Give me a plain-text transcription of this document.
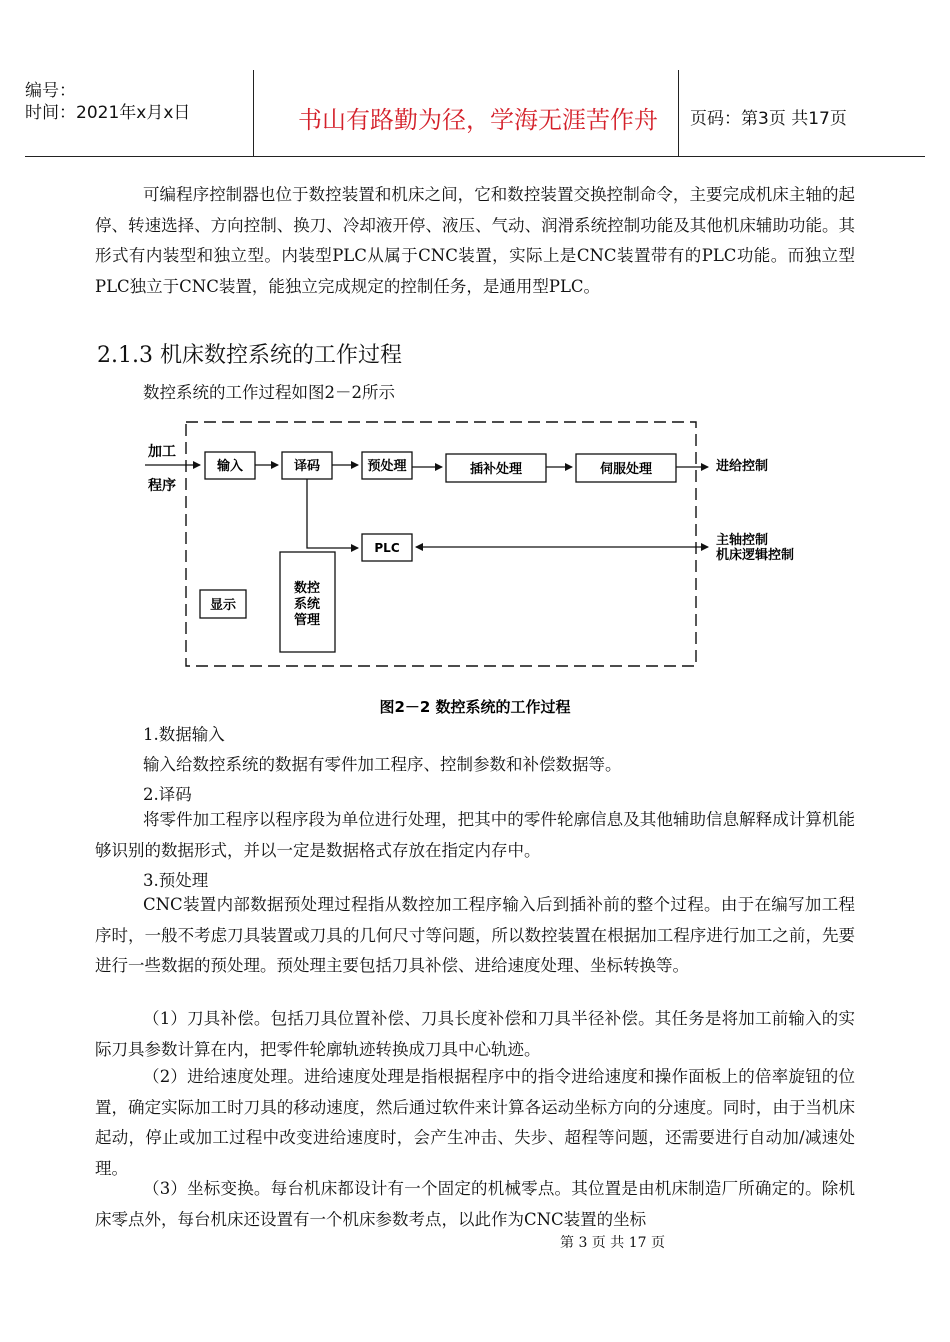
编号：
时间：2021年x月x日	书山有路勤为径，学海无涯苦作舟	页码：第3页 共17页
可编程序控制器也位于数控装置和机床之间，它和数控装置交换控制命令，主要完成机床主轴的起停、转速选择、方向控制、换刀、冷却液开停、液压、气动、润滑系统控制功能及其他机床辅助功能。其形式有内装型和独立型。内装型PLC从属于CNC装置，实际上是CNC装置带有的PLC功能。而独立型PLC独立于CNC装置，能独立完成规定的控制任务，是通用型PLC。
2.1.3 机床数控系统的工作过程
数控系统的工作过程如图2－2所示
加工
程序
输入	译码	预处理	插补处理	伺服处理	进给控制
PLC	主轴控制
机床逻辑控制
显示
数控
系统
管理
图2－2 数控系统的工作过程
1.数据输入
输入给数控系统的数据有零件加工程序、控制参数和补偿数据等。
2.译码
将零件加工程序以程序段为单位进行处理，把其中的零件轮廓信息及其他辅助信息解释成计算机能够识别的数据形式，并以一定是数据格式存放在指定内存中。
3.预处理
CNC装置内部数据预处理过程指从数控加工程序输入后到插补前的整个过程。由于在编写加工程序时，一般不考虑刀具装置或刀具的几何尺寸等问题，所以数控装置在根据加工程序进行加工之前，先要进行一些数据的预处理。预处理主要包括刀具补偿、进给速度处理、坐标转换等。
（1）刀具补偿。包括刀具位置补偿、刀具长度补偿和刀具半径补偿。其任务是将加工前输入的实际刀具参数计算在内，把零件轮廓轨迹转换成刀具中心轨迹。
（2）进给速度处理。进给速度处理是指根据程序中的指令进给速度和操作面板上的倍率旋钮的位置，确定实际加工时刀具的移动速度，然后通过软件来计算各运动坐标方向的分速度。同时，由于当机床起动，停止或加工过程中改变进给速度时，会产生冲击、失步、超程等问题，还需要进行自动加/减速处理。
（3）坐标变换。每台机床都设计有一个固定的机械零点。其位置是由机床制造厂所确定的。除机床零点外，每台机床还设置有一个机床参数考点，以此作为CNC装置的坐标
第 3 页 共 17 页
